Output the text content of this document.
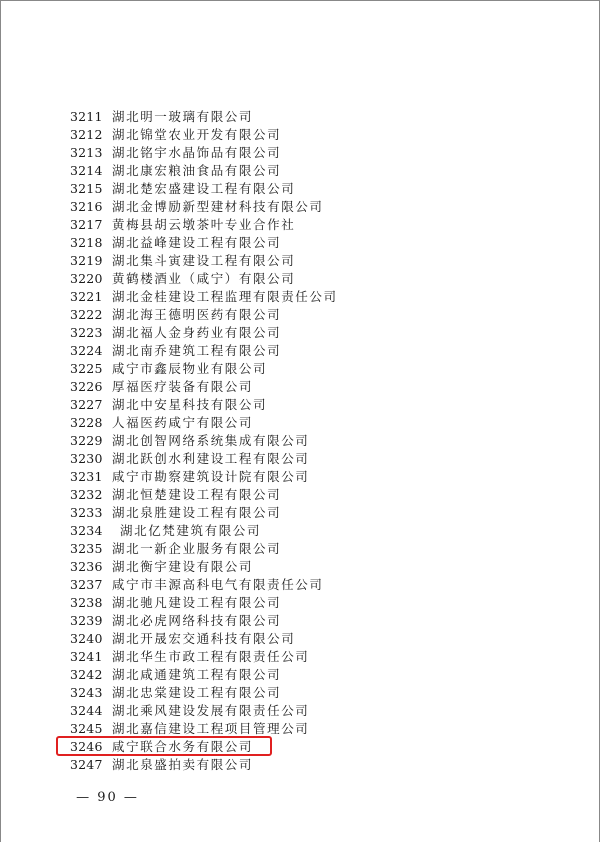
3211 湖北明一玻璃有限公司
3212 湖北锦堂农业开发有限公司
3213 湖北铭宇水晶饰品有限公司
3214 湖北康宏粮油食品有限公司
3215 湖北楚宏盛建设工程有限公司
3216 湖北金博励新型建材科技有限公司
3217 黄梅县胡云墩茶叶专业合作社
3218 湖北益峰建设工程有限公司
3219 湖北集斗寅建设工程有限公司
3220 黄鹤楼酒业（咸宁）有限公司
3221 湖北金桂建设工程监理有限责任公司
3222 湖北海王德明医药有限公司
3223 湖北福人金身药业有限公司
3224 湖北南乔建筑工程有限公司
3225 咸宁市鑫辰物业有限公司
3226 厚福医疗装备有限公司
3227 湖北中安星科技有限公司
3228 人福医药咸宁有限公司
3229 湖北创智网络系统集成有限公司
3230 湖北跃创水利建设工程有限公司
3231 咸宁市勘察建筑设计院有限公司
3232 湖北恒楚建设工程有限公司
3233 湖北泉胜建设工程有限公司
3234 湖北亿梵建筑有限公司
3235 湖北一新企业服务有限公司
3236 湖北衡宇建设有限公司
3237 咸宁市丰源高科电气有限责任公司
3238 湖北驰凡建设工程有限公司
3239 湖北必虎网络科技有限公司
3240 湖北开晟宏交通科技有限公司
3241 湖北华生市政工程有限责任公司
3242 湖北咸通建筑工程有限公司
3243 湖北忠棠建设工程有限公司
3244 湖北乘风建设发展有限责任公司
3245 湖北嘉信建设工程项目管理公司
3246 咸宁联合水务有限公司
3247 湖北泉盛拍卖有限公司
— 90 —
